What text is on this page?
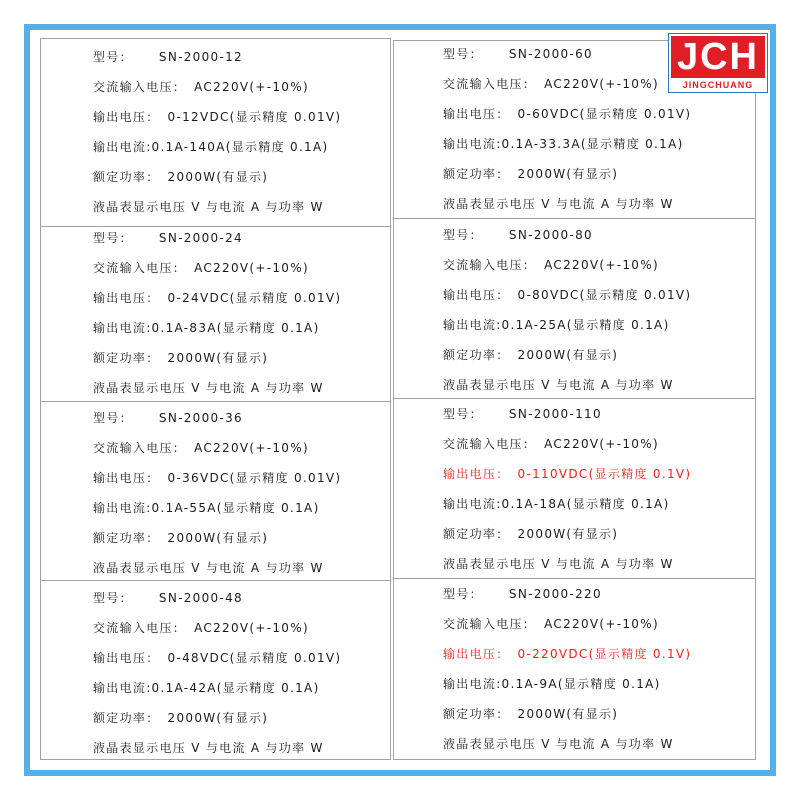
型号： SN-2000-12
交流输入电压： AC220V(+-10%)
输出电压： 0-12VDC(显示精度 0.01V)
输出电流:0.1A-140A(显示精度 0.1A)
额定功率： 2000W(有显示)
液晶表显示电压 V 与电流 A 与功率 W
型号： SN-2000-24
交流输入电压： AC220V(+-10%)
输出电压： 0-24VDC(显示精度 0.01V)
输出电流:0.1A-83A(显示精度 0.1A)
额定功率： 2000W(有显示)
液晶表显示电压 V 与电流 A 与功率 W
型号： SN-2000-36
交流输入电压： AC220V(+-10%)
输出电压： 0-36VDC(显示精度 0.01V)
输出电流:0.1A-55A(显示精度 0.1A)
额定功率： 2000W(有显示)
液晶表显示电压 V 与电流 A 与功率 W
型号： SN-2000-48
交流输入电压： AC220V(+-10%)
输出电压： 0-48VDC(显示精度 0.01V)
输出电流:0.1A-42A(显示精度 0.1A)
额定功率： 2000W(有显示)
液晶表显示电压 V 与电流 A 与功率 W
型号： SN-2000-60
交流输入电压： AC220V(+-10%)
输出电压： 0-60VDC(显示精度 0.01V)
输出电流:0.1A-33.3A(显示精度 0.1A)
额定功率： 2000W(有显示)
液晶表显示电压 V 与电流 A 与功率 W
型号： SN-2000-80
交流输入电压： AC220V(+-10%)
输出电压： 0-80VDC(显示精度 0.01V)
输出电流:0.1A-25A(显示精度 0.1A)
额定功率： 2000W(有显示)
液晶表显示电压 V 与电流 A 与功率 W
型号： SN-2000-110
交流输入电压： AC220V(+-10%)
输出电压： 0-110VDC(显示精度 0.1V)
输出电流:0.1A-18A(显示精度 0.1A)
额定功率： 2000W(有显示)
液晶表显示电压 V 与电流 A 与功率 W
型号： SN-2000-220
交流输入电压： AC220V(+-10%)
输出电压： 0-220VDC(显示精度 0.1V)
输出电流:0.1A-9A(显示精度 0.1A)
额定功率： 2000W(有显示)
液晶表显示电压 V 与电流 A 与功率 W
JCH
JINGCHUANG
